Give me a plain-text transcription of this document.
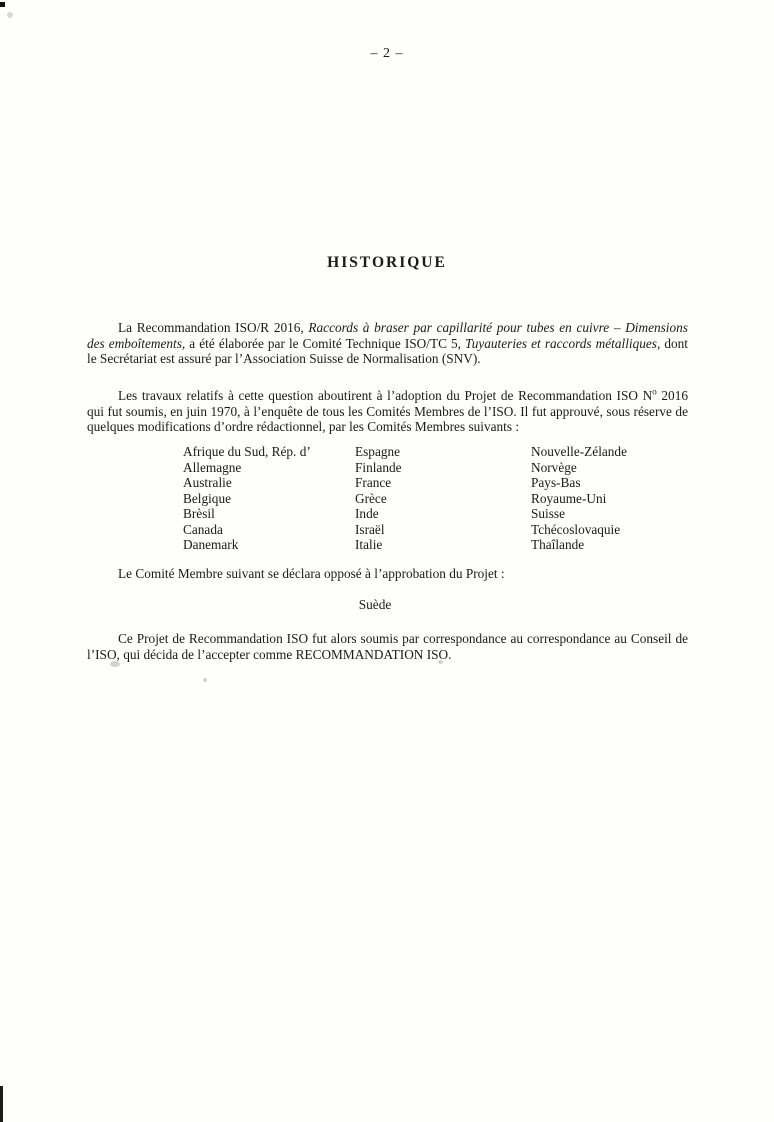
– 2 –
HISTORIQUE

La Recommandation ISO/R 2016, Raccords à braser par capillarité pour tubes en cuivre – Dimensions des emboîtements, a été élaborée par le Comité Technique ISO/TC 5, Tuyauteries et raccords métalliques, dont le Secrétariat est assuré par l’Association Suisse de Normalisation (SNV).

Les travaux relatifs à cette question aboutirent à l’adoption du Projet de Recommandation ISO $N^o$ 2016 qui fut soumis, en juin 1970, à l’enquête de tous les Comités Membres de l’ISO. Il fut approuvé, sous réserve de quelques modifications d’ordre rédactionnel, par les Comités Membres suivants :

Afrique du Sud, Rép. d’
Allemagne
Australie
Belgique
Brèsil
Canada
Danemark
Espagne
Finlande
France
Grèce
Inde
Israël
Italie
Nouvelle-Zélande
Norvège
Pays-Bas
Royaume-Uni
Suisse
Tchécoslovaquie
Thaîlande

Le Comité Membre suivant se déclara opposé à l’approbation du Projet :

Suède

Ce Projet de Recommandation ISO fut alors soumis par correspondance au correspondance au Conseil de l’ISO, qui décida de l’accepter comme RECOMMANDATION ISO.
